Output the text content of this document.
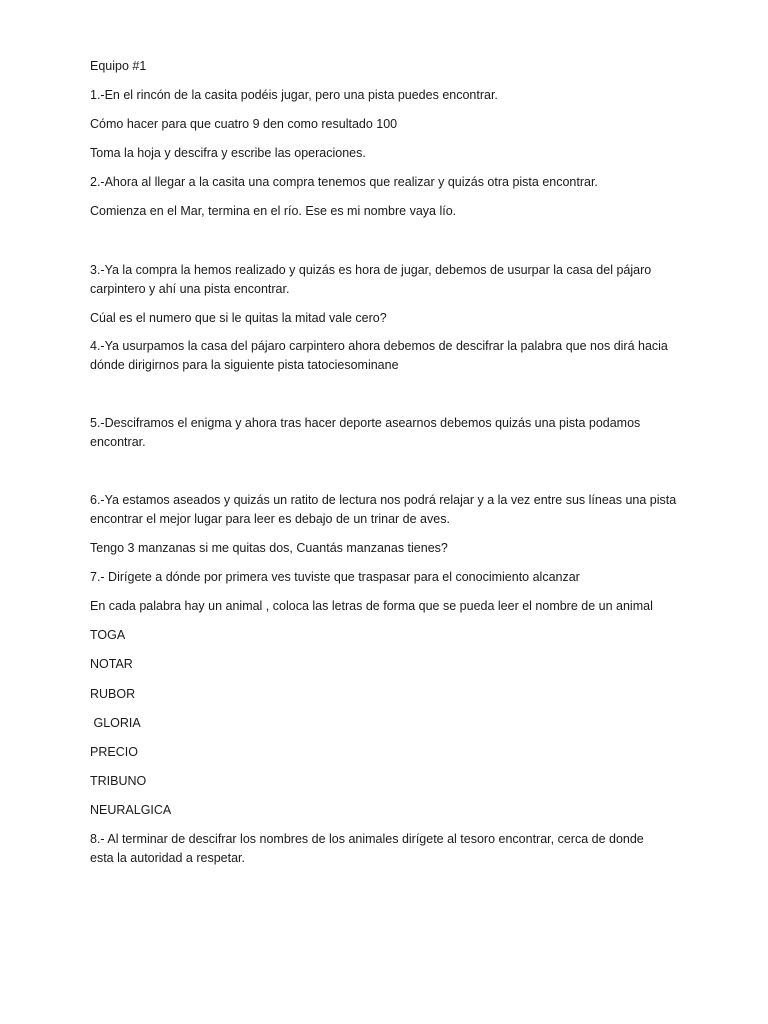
Equipo #1
1.-En el rincón de la casita podéis jugar, pero una pista puedes encontrar.
Cómo hacer para que cuatro 9 den como resultado 100
Toma la hoja y descifra y escribe las operaciones.
2.-Ahora al llegar a la casita una compra tenemos que realizar y quizás otra pista encontrar.
Comienza en el Mar, termina en el río. Ese es mi nombre vaya lío.
3.-Ya la compra la hemos realizado y quizás es hora de jugar, debemos de usurpar la casa del pájaro carpintero y ahí una pista encontrar.
Cúal es el numero que si le quitas la mitad vale cero?
4.-Ya usurpamos la casa del pájaro carpintero ahora debemos de descifrar la palabra que nos dirá hacia dónde dirigirnos para la siguiente pista tatociesominane
5.-Desciframos el enigma y ahora tras hacer deporte asearnos debemos quizás una pista podamos encontrar.
6.-Ya estamos aseados y quizás un ratito de lectura nos podrá relajar y a la vez entre sus líneas una pista encontrar el mejor lugar para leer es debajo de un trinar de aves.
Tengo 3 manzanas si me quitas dos, Cuantás manzanas tienes?
7.- Dirígete a dónde por primera ves tuviste que traspasar para el conocimiento alcanzar
En cada palabra hay un animal , coloca las letras de forma que se pueda leer el nombre de un animal
TOGA
NOTAR
RUBOR
GLORIA
PRECIO
TRIBUNO
NEURALGICA
8.- Al terminar de descifrar los nombres de los animales dirígete al tesoro encontrar, cerca de donde esta la autoridad a respetar.
